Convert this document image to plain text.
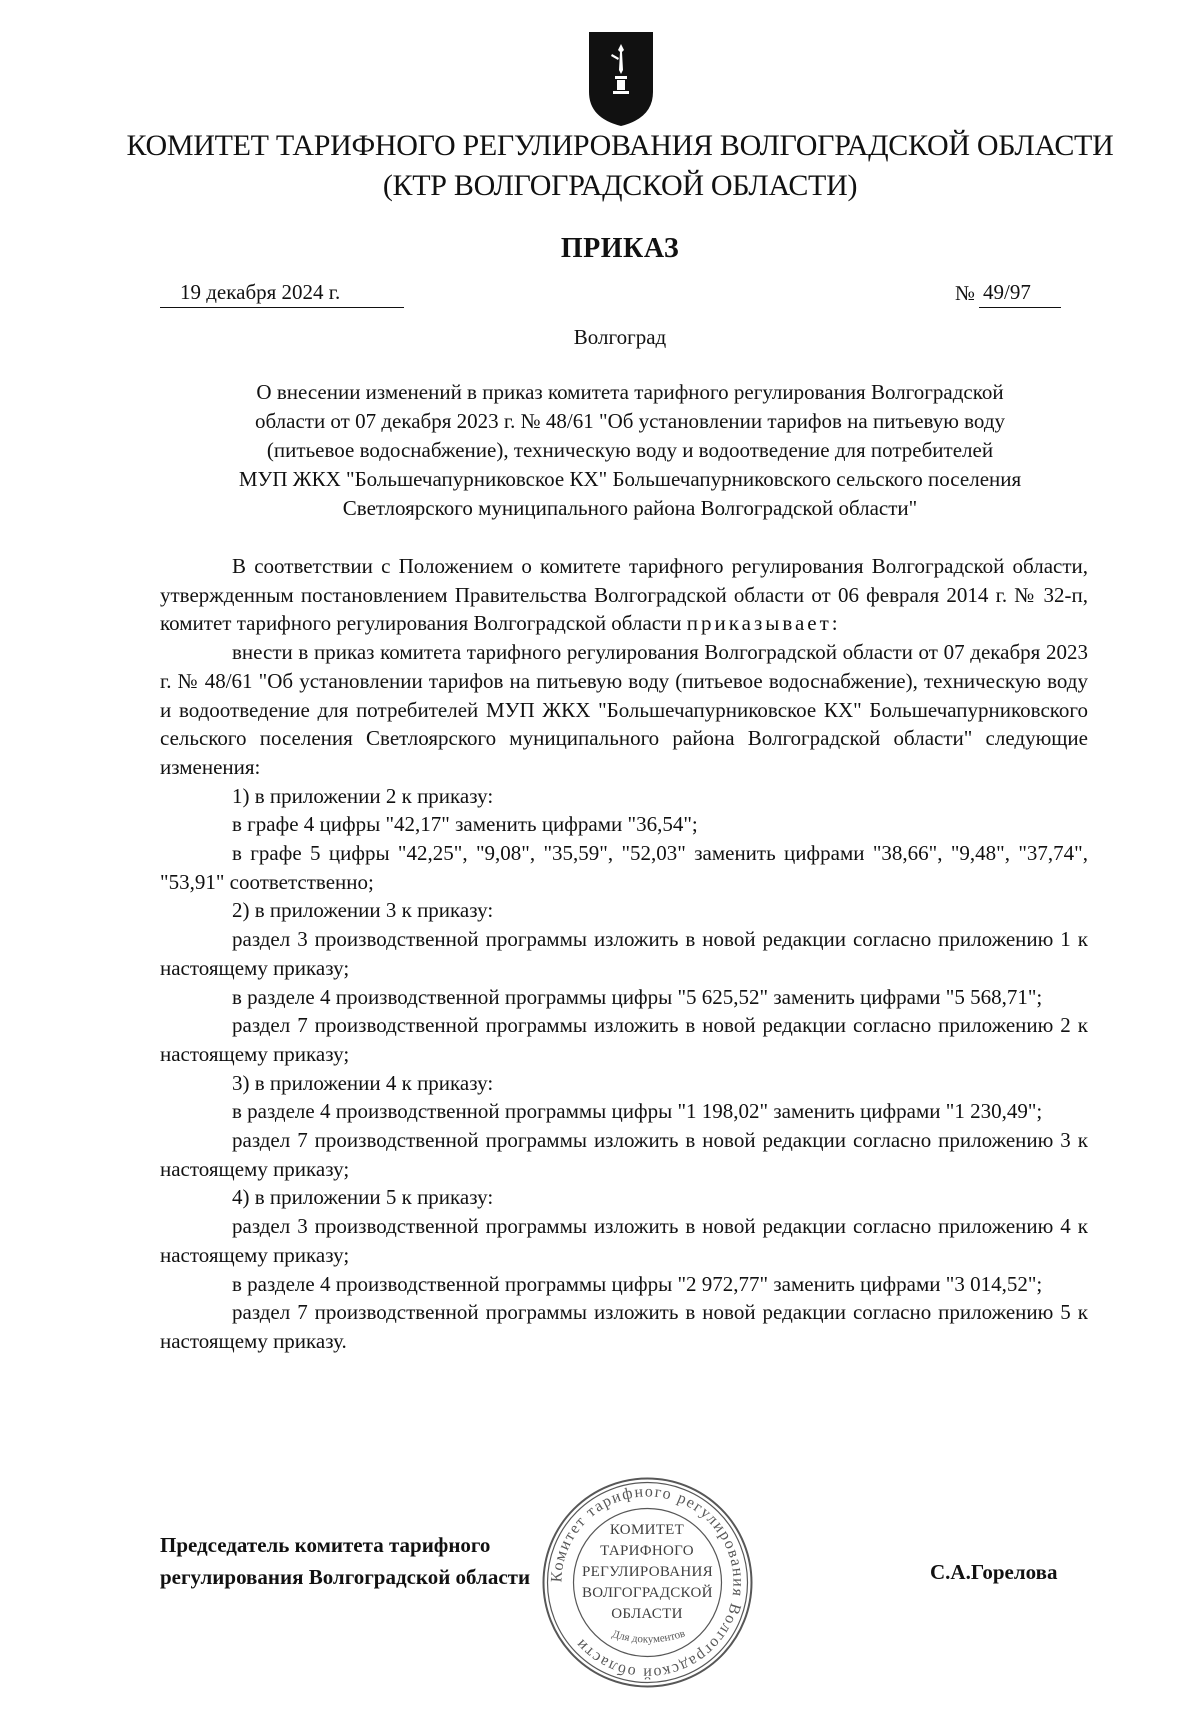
КОМИТЕТ ТАРИФНОГО РЕГУЛИРОВАНИЯ ВОЛГОГРАДСКОЙ ОБЛАСТИ
(КТР ВОЛГОГРАДСКОЙ ОБЛАСТИ)
ПРИКАЗ
19 декабря 2024 г.	№ 49/97
Волгоград
О внесении изменений в приказ комитета тарифного регулирования Волгоградской
области от 07 декабря 2023 г. № 48/61 "Об установлении тарифов на питьевую воду
(питьевое водоснабжение), техническую воду и водоотведение для потребителей
МУП ЖКХ "Большечапурниковское КХ" Большечапурниковского сельского поселения
Светлоярского муниципального района Волгоградской области"

В соответствии с Положением о комитете тарифного регулирования Волгоградской области, утвержденным постановлением Правительства Волгоградской области от 06 февраля 2014 г. № 32-п, комитет тарифного регулирования Волгоградской области приказывает:

внести в приказ комитета тарифного регулирования Волгоградской области от 07 декабря 2023 г. № 48/61 "Об установлении тарифов на питьевую воду (питьевое водоснабжение), техническую воду и водоотведение для потребителей МУП ЖКХ "Большечапурниковское КХ" Большечапурниковского сельского поселения Светлоярского муниципального района Волгоградской области" следующие изменения:

1) в приложении 2 к приказу:

в графе 4 цифры "42,17" заменить цифрами "36,54";

в графе 5 цифры "42,25", "9,08", "35,59", "52,03" заменить цифрами "38,66", "9,48", "37,74", "53,91" соответственно;

2) в приложении 3 к приказу:

раздел 3 производственной программы изложить в новой редакции согласно приложению 1 к настоящему приказу;

в разделе 4 производственной программы цифры "5 625,52" заменить цифрами "5 568,71";

раздел 7 производственной программы изложить в новой редакции согласно приложению 2 к настоящему приказу;

3) в приложении 4 к приказу:

в разделе 4 производственной программы цифры "1 198,02" заменить цифрами "1 230,49";

раздел 7 производственной программы изложить в новой редакции согласно приложению 3 к настоящему приказу;

4) в приложении 5 к приказу:

раздел 3 производственной программы изложить в новой редакции согласно приложению 4 к настоящему приказу;

в разделе 4 производственной программы цифры "2 972,77" заменить цифрами "3 014,52";

раздел 7 производственной программы изложить в новой редакции согласно приложению 5 к настоящему приказу.

Председатель комитета тарифного
регулирования Волгоградской области	С.А.Горелова
Комитет тарифного регулирования Волгоградской области	Для документов
КОМИТЕТ
ТАРИФНОГО
РЕГУЛИРОВАНИЯ
ВОЛГОГРАДСКОЙ
ОБЛАСТИ
